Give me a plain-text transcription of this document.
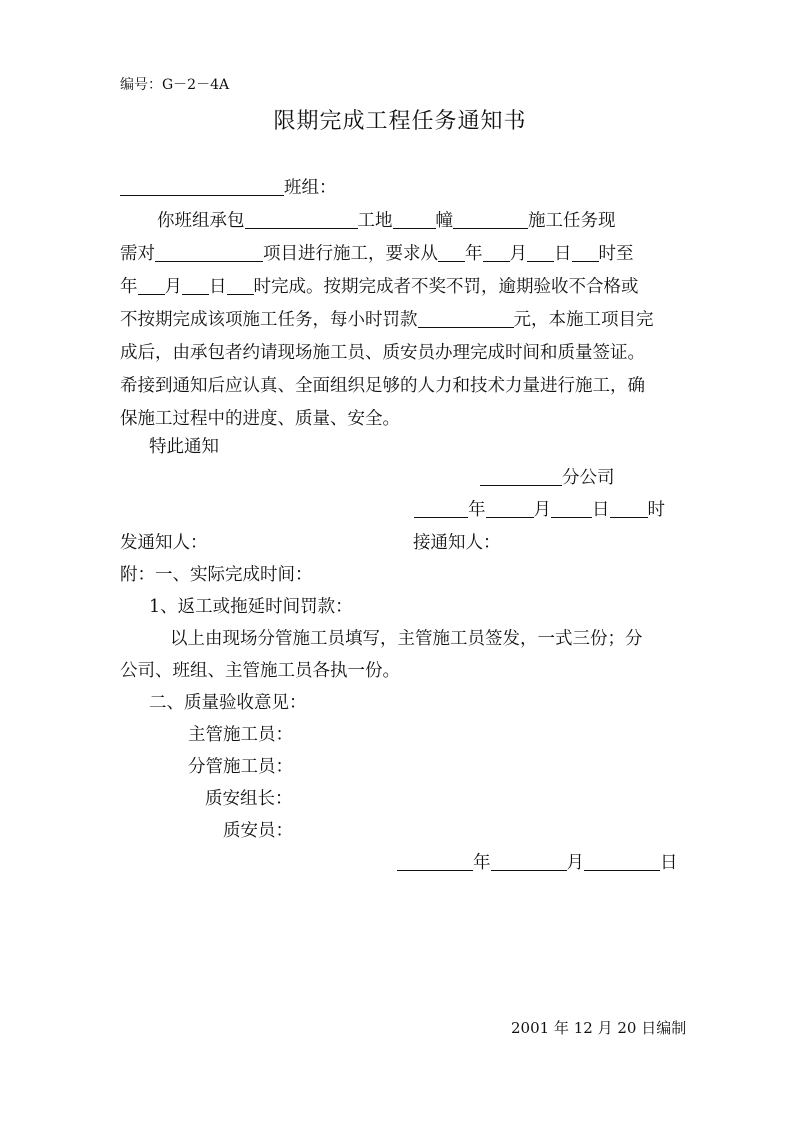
编号：G－2－4A
限期完成工程任务通知书
班组：
你班组承包	工地 幢	施工任务现
需对	项目进行施工，要求从 年 月 日 时至
年 月 日 时完成。按期完成者不奖不罚，逾期验收不合格或
不按期完成该项施工任务，每小时罚款	元，本施工项目完
成后，由承包者约请现场施工员、质安员办理完成时间和质量签证。
希接到通知后应认真、全面组织足够的人力和技术力量进行施工，确
保施工过程中的进度、质量、安全。
特此通知
分公司
年	月 日 时
发通知人：	接通知人：
附：一、实际完成时间：
1、返工或拖延时间罚款：
以上由现场分管施工员填写，主管施工员签发，一式三份；分
公司、班组、主管施工员各执一份。
二、质量验收意见：
主管施工员：
分管施工员：
质安组长：
质安员：
年	月	日
2001 年 12 月 20 日编制
